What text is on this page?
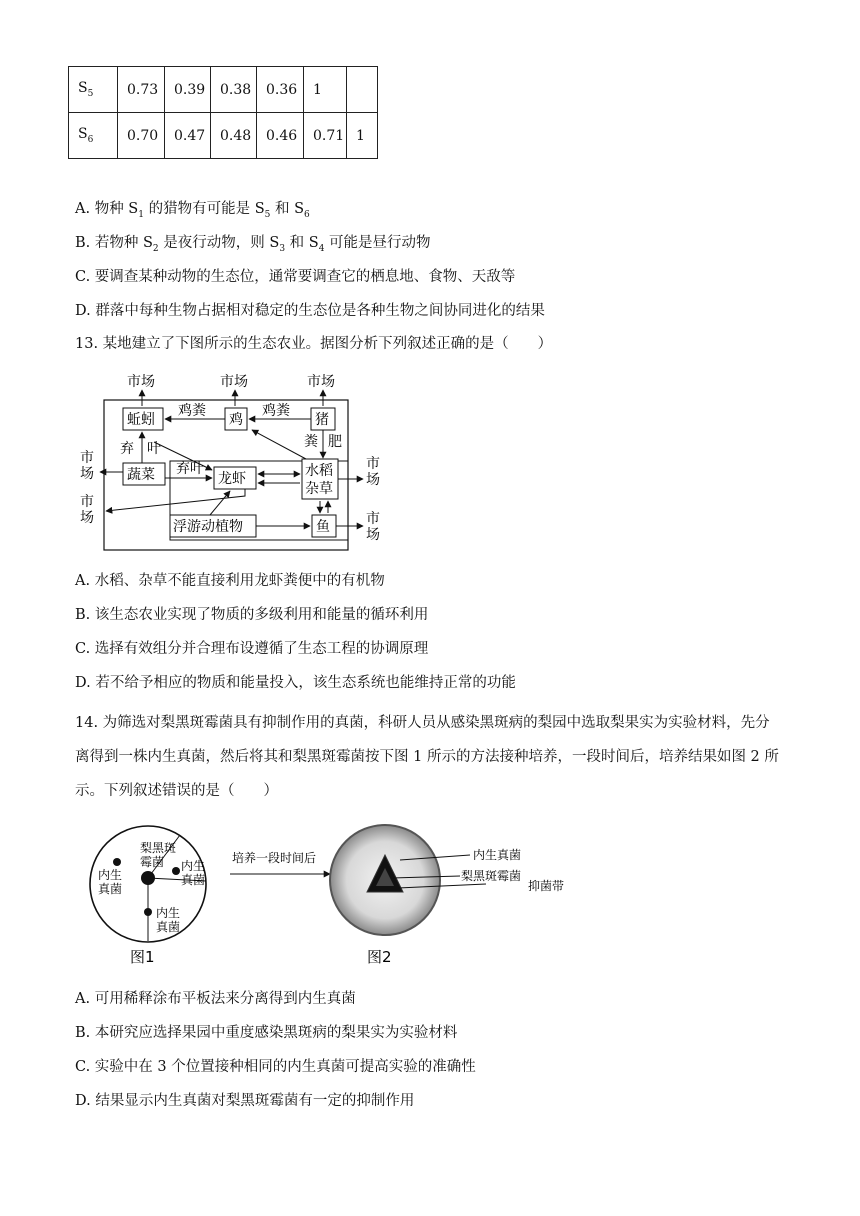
$S_5$	0.73	0.39	0.38	0.36	1	
$S_6$	0.70	0.47	0.48	0.46	0.71	1
A. 物种 $S_1$ 的猎物有可能是 $S_5$ 和 $S_6$
B. 若物种 $S_2$ 是夜行动物，则 $S_3$ 和 $S_4$ 可能是昼行动物
C. 要调查某种动物的生态位，通常要调查它的栖息地、食物、天敌等
D. 群落中每种生物占据相对稳定的生态位是各种生物之间协同进化的结果
13. 某地建立了下图所示的生态农业。据图分析下列叙述正确的是（　　）
市场	市场	市场
蚯蚓	鸡	猪
鸡粪	鸡粪
粪 肥
蔬菜
弃 叶
市
场
市
场
弃叶
龙虾	水稻
杂草
市
场
浮游动植物	鱼	市
场
A. 水稻、杂草不能直接利用龙虾粪便中的有机物
B. 该生态农业实现了物质的多级利用和能量的循环利用
C. 选择有效组分并合理布设遵循了生态工程的协调原理
D. 若不给予相应的物质和能量投入，该生态系统也能维持正常的功能
14. 为筛选对梨黑斑霉菌具有抑制作用的真菌，科研人员从感染黑斑病的梨园中选取梨果实为实验材料，先分离得到一株内生真菌，然后将其和梨黑斑霉菌按下图 1 所示的方法接种培养，一段时间后，培养结果如图 2 所示。下列叙述错误的是（　　）
梨黑斑
霉菌
内生
真菌
内生
真菌
内生
真菌
图1
培养一段时间后	内生真菌
梨黑斑霉菌
抑菌带
图2
A. 可用稀释涂布平板法来分离得到内生真菌
B. 本研究应选择果园中重度感染黑斑病的梨果实为实验材料
C. 实验中在 3 个位置接种相同的内生真菌可提高实验的准确性
D. 结果显示内生真菌对梨黑斑霉菌有一定的抑制作用
